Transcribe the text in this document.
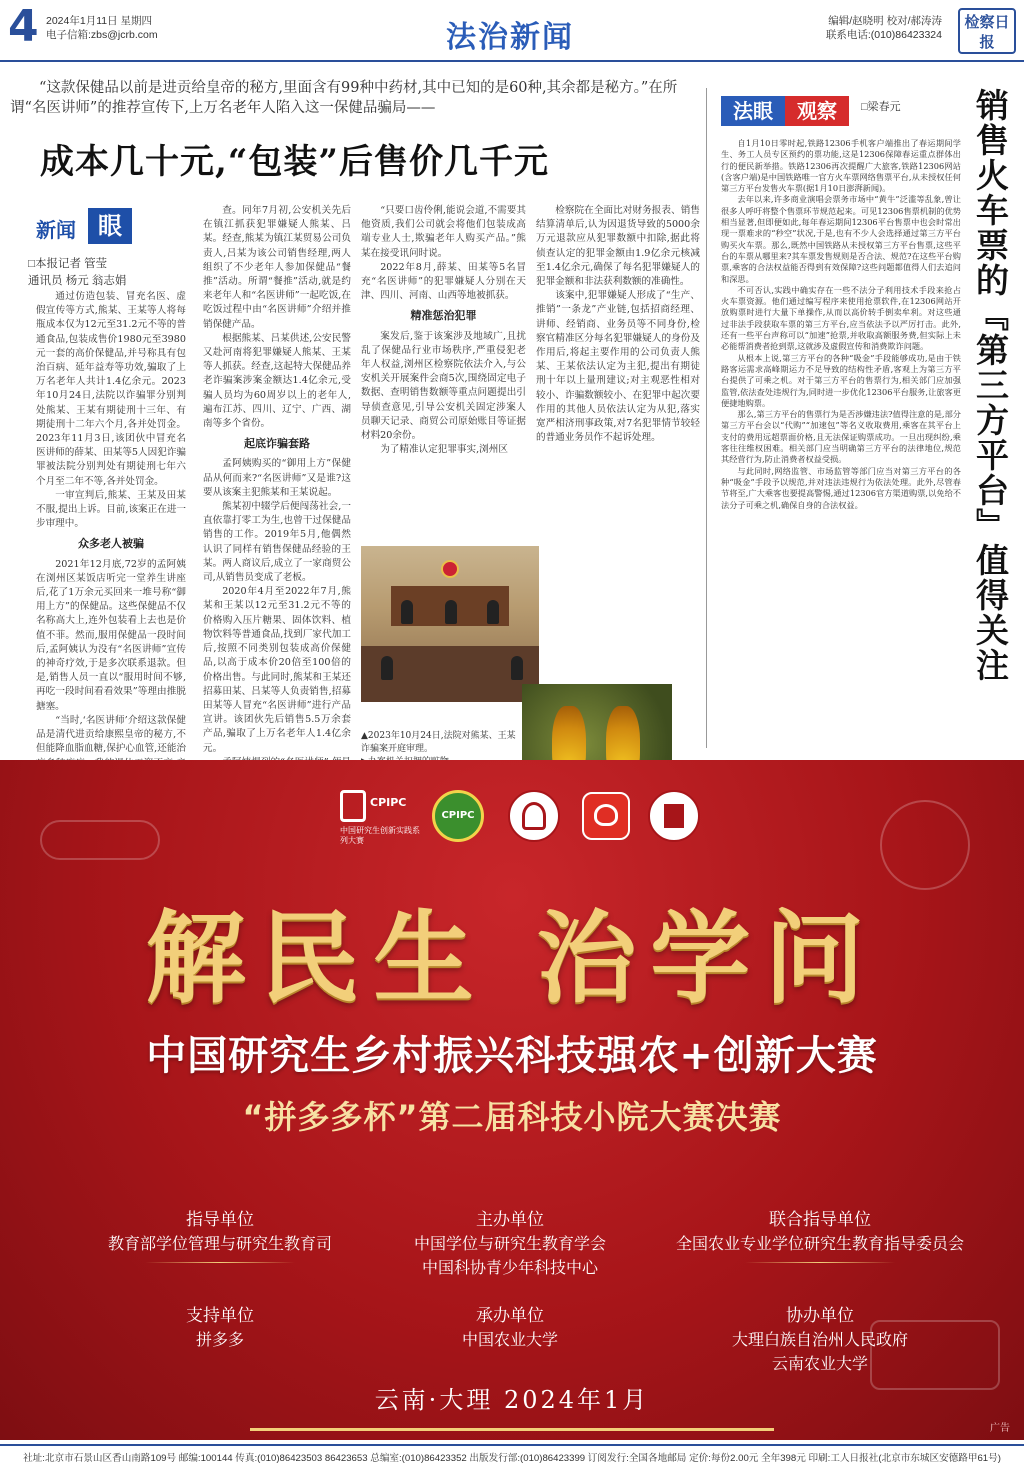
4 2024年1月11日 星期四
电子信箱:zbs@jcrb.com	法治新闻	编辑/赵晓明 校对/郝涛涛
联系电话:(010)86423324
检察日报
“这款保健品以前是进贡给皇帝的秘方,里面含有99种中药材,其中已知的是60种,其余都是秘方。”在所谓“名医讲师”的推荐宣传下,上万名老年人陷入这一保健品骗局——
成本几十元,“包装”后售价几千元
新闻 眼
□本报记者 管莹
通讯员 杨元 翁志娟

通过仿造包装、冒充名医、虚假宣传等方式,熊某、王某等人将每瓶成本仅为12元至31.2元不等的普通食品,包装成售价1980元至3980元一套的高价保健品,并号称具有包治百病、延年益寿等功效,骗取了上万名老年人共计1.4亿余元。2023年10月24日,法院以诈骗罪分别判处熊某、王某有期徒刑十三年、有期徒刑十二年六个月,各并处罚金。2023年11月3日,该团伙中冒充名医讲师的薛某、田某等5人因犯诈骗罪被法院分别判处有期徒刑七年六个月至二年不等,各并处罚金。

一审宣判后,熊某、王某及田某不服,提出上诉。目前,该案正在进一步审理中。

众多老人被骗

2021年12月底,72岁的孟阿姨在浏州区某饭店听完一堂养生讲座后,花了1万余元买回来一堆号称“御用上方”的保健品。这些保健品不仅名称高大上,连外包装看上去也是价值不菲。然而,服用保健品一段时间后,孟阿姨认为没有“名医讲师”宣传的神奇疗效,于是多次联系退款。但是,销售人员一直以“服用时间不够,再吃一段时间看看效果”等理由推脱搪塞。

“当时,‘名医讲师’介绍这款保健品是清代进贡给康熙皇帝的秘方,不但能降血脂血糖,保护心血管,还能治

查。同年7月初,公安机关先后在镇江抓获犯罪嫌疑人熊某、吕某。经查,熊某为镇江某贸易公司负责人,吕某为该公司销售经理,两人组织了不少老年人参加保健品“餐推”活动。所谓“餐推”活动,就是约来老年人和“名医讲师”一起吃饭,在吃饭过程中由“名医讲师”介绍并推销保健产品。

根据熊某、吕某供述,公安民警又赴河南将犯罪嫌疑人熊某、王某等人抓获。经查,这起特大保健品养老诈骗案涉案金额达1.4亿余元,受骗人员均为60周岁以上的老年人,遍布江苏、四川、辽宁、广西、湖南等多个省份。

起底诈骗套路

孟阿姨购买的“御用上方”保健品从何而来?“名医讲师”又是谁?这要从该案主犯熊某和王某说起。

熊某初中辍学后便闯荡社会,一直依靠打零工为生,也曾干过保健品销售的工作。2019年5月,他偶然认识了同样有销售保健品经验的王某。两人商议后,成立了一家商贸公司,从销售员变成了老板。

2020年4月至2022年7月,熊某和王某以12元至31.2元不等的价格购入压片糖果、固体饮料、植物饮料等普通食品,找到厂家代加工后,按照不同类别包装成高价保健品,以高于成本价20倍至100倍的价格出售。与此同时,熊某和王某还招募田某、吕某等人负责销售,招募田某等人冒充“名医讲师”进行产品宣讲。该团伙先后销售5.5万余套产品,骗取了上万名老年人1.4亿余元。

“只要口齿伶俐,能说会道,不需要其他资质,我们公司就会将他们包装成高端专业人士,欺骗老年人购买产品。”熊某在接受讯问时说。

2022年8月,薛某、田某等5名冒充“名医讲师”的犯罪嫌疑人分别在天津、四川、河南、山西等地被抓获。

精准惩治犯罪

案发后,鉴于该案涉及地域广,且扰乱了保健品行业市场秩序,严重侵犯老年人权益,浏州区检察院依法介入,与公安机关开展案件会商5次,围绕固定电子数据、查明销售数额等重点问题提出引导侦查意见,引导公安机关固定涉案人员聊天记录、商贸公司原始账目等证据材料20余份。

为了精准认定犯罪事实,浏州区

检察院在全面比对财务报表、销售结算清单后,认为因退货导致的5000余万元退款应从犯罪数额中扣除,据此将侦查认定的犯罪金额由1.9亿余元核减至1.4亿余元,确保了每名犯罪嫌疑人的犯罪金额和非法获利数额的准确性。

该案中,犯罪嫌疑人形成了“生产、推销”一条龙”产业链,包括招商经理、讲师、经销商、业务员等不同身份,检察官精准区分每名犯罪嫌疑人的身份及作用后,将起主要作用的公司负责人熊某、王某依法认定为主犯,提出有期徒刑十年以上量刑建议;对主观恶性相对较小、诈骗数额较小、在犯罪中起次要作用的其他人员依法认定为从犯,落实宽严相济刑事政策,对7名犯罪情节较轻的普通业务员作不起诉处理。

▲2023年10月24日,法院对熊某、王某诈骗案开庭审理。
法眼	观察	□梁春元 销售火车票的『第三方平台』值得关注

自1月10日零时起,铁路12306手机客户端推出了春运期间学生、务工人员专区预约的票功能,这是12306保障春运重点群体出行的便民新举措。铁路12306再次提醒广大旅客,铁路12306网站(含客户端)是中国铁路唯一官方火车票网络售票平台,从未授权任何第三方平台发售火车票(据1月10日澎湃新闻)。

去年以来,许多商业演唱会票务市场中“黄牛”泛滥等乱象,曾让很多人呼吁将整个售票环节规范起来。可见12306售票机制的优势相当显著,但即便如此,每年春运期间12306平台售票中也会时常出现一票难求的“秒空”状况,于是,也有不少人会选择通过第三方平台购买火车票。那么,既然中国铁路从未授权第三方平台售票,这些平台的车票从哪里来?其车票发售规则是否合法、规范?在这些平台购票,乘客的合法权益能否得到有效保障?这些问题都值得人们去追问和深思。

不可否认,实践中确实存在一些不法分子利用技术手段来抢占火车票资源。他们通过编写程序来使用抢票软件,在12306网站开放购票时进行大量下单操作,从而以高价转手倒卖牟利。对这些通过非法手段获取车票的第三方平台,应当依法予以严厉打击。此外,还有一些平台声称可以“加速”抢票,并收取高额服务费,但实际上未必能帮消费者抢到票,这就涉及虚假宣传和消费欺诈问题。

从根本上说,第三方平台的各种“吸金”手段能够成功,是由于铁路客运需求高峰期运力不足导致的结构性矛盾,客观上为第三方平台提供了可乘之机。对于第三方平台的售票行为,相关部门应加强监管,依法查处违规行为,同时进一步优化12306平台服务,让旅客更便捷地购票。

那么,第三方平台的售票行为是否涉嫌违法?值得注意的是,部分第三方平台会以“代购”“加速包”等名义收取费用,乘客在其平台上支付的费用远超票面价格,且无法保证购票成功。一旦出现纠纷,乘客往往维权困难。相关部门应当明确第三方平台的法律地位,规范其经营行为,防止消费者权益受损。

与此同时,网络监管、市场监管等部门应当对第三方平台的各种“吸金”手段予以规范,并对违法违规行为依法处理。此外,尽管春节将至,广大乘客也要提高警惕,通过12306官方渠道购票,以免给不法分子可乘之机,确保自身的合法权益。

CPIPC
中国研究生创新实践系列大赛
CPIPC
解民生 治学问
中国研究生乡村振兴科技强农+创新大赛
“拼多多杯”第二届科技小院大赛决赛
指导单位
教育部学位管理与研究生教育司
主办单位
中国学位与研究生教育学会
中国科协青少年科技中心
联合指导单位
全国农业专业学位研究生教育指导委员会
支持单位
拼多多
承办单位
中国农业大学
协办单位
大理白族自治州人民政府
云南农业大学
云南·大理 2024年1月
广告
社址:北京市石景山区香山南路109号 邮编:100144 传真:(010)86423503 86423653 总编室:(010)86423352 出版发行部:(010)86423399 订阅发行:全国各地邮局 定价:每份2.00元 全年398元 印刷:工人日报社(北京市东城区安德路甲61号)
